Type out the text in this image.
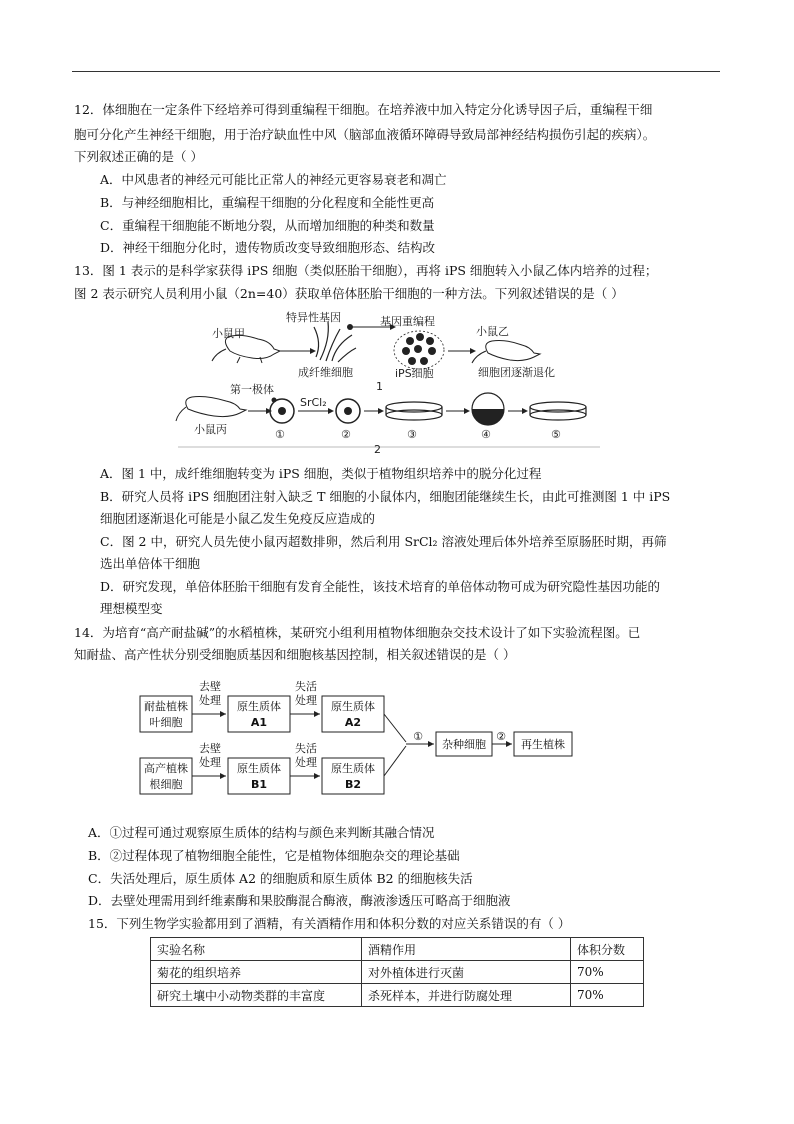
12．体细胞在一定条件下经培养可得到重编程干细胞。在培养液中加入特定分化诱导因子后，重编程干细
胞可分化产生神经干细胞，用于治疗缺血性中风（脑部血液循环障碍导致局部神经结构损伤引起的疾病）。
下列叙述正确的是（ ）
A．中风患者的神经元可能比正常人的神经元更容易衰老和凋亡
B．与神经细胞相比，重编程干细胞的分化程度和全能性更高
C．重编程干细胞能不断地分裂，从而增加细胞的种类和数量
D．神经干细胞分化时，遗传物质改变导致细胞形态、结构改
13．图 1 表示的是科学家获得 iPS 细胞（类似胚胎干细胞），再将 iPS 细胞转入小鼠乙体内培养的过程；
图 2 表示研究人员利用小鼠（2n=40）获取单倍体胚胎干细胞的一种方法。下列叙述错误的是（ ）
小鼠甲
特异性基因
成纤维细胞
基因重编程
iPS细胞
小鼠乙
细胞团逐渐退化
1
第一极体
小鼠丙	①
SrCl₂
②	③	④	⑤
2
A．图 1 中，成纤维细胞转变为 iPS 细胞，类似于植物组织培养中的脱分化过程
B．研究人员将 iPS 细胞团注射入缺乏 T 细胞的小鼠体内，细胞团能继续生长，由此可推测图 1 中 iPS
细胞团逐渐退化可能是小鼠乙发生免疫反应造成的
C．图 2 中，研究人员先使小鼠丙超数排卵，然后利用 SrCl₂ 溶液处理后体外培养至原肠胚时期，再筛
选出单倍体干细胞
D．研究发现，单倍体胚胎干细胞有发育全能性，该技术培育的单倍体动物可成为研究隐性基因功能的
理想模型变
14．为培育“高产耐盐碱”的水稻植株，某研究小组利用植物体细胞杂交技术设计了如下实验流程图。已
知耐盐、高产性状分别受细胞质基因和细胞核基因控制，相关叙述错误的是（ ）
耐盐植株
叶细胞
去壁
处理 原生质体
A1
失活
处理 原生质体
A2
高产植株
根细胞
去壁
处理 原生质体
B1
失活
处理 原生质体
B2
①
杂种细胞
②
再生植株
A．①过程可通过观察原生质体的结构与颜色来判断其融合情况
B．②过程体现了植物细胞全能性，它是植物体细胞杂交的理论基础
C．失活处理后，原生质体 A2 的细胞质和原生质体 B2 的细胞核失活
D．去壁处理需用到纤维素酶和果胶酶混合酶液，酶液渗透压可略高于细胞液
15．下列生物学实验都用到了酒精，有关酒精作用和体积分数的对应关系错误的有（ ）
实验名称	酒精作用	体积分数
菊花的组织培养	对外植体进行灭菌	70%
研究土壤中小动物类群的丰富度	杀死样本，并进行防腐处理	70%
